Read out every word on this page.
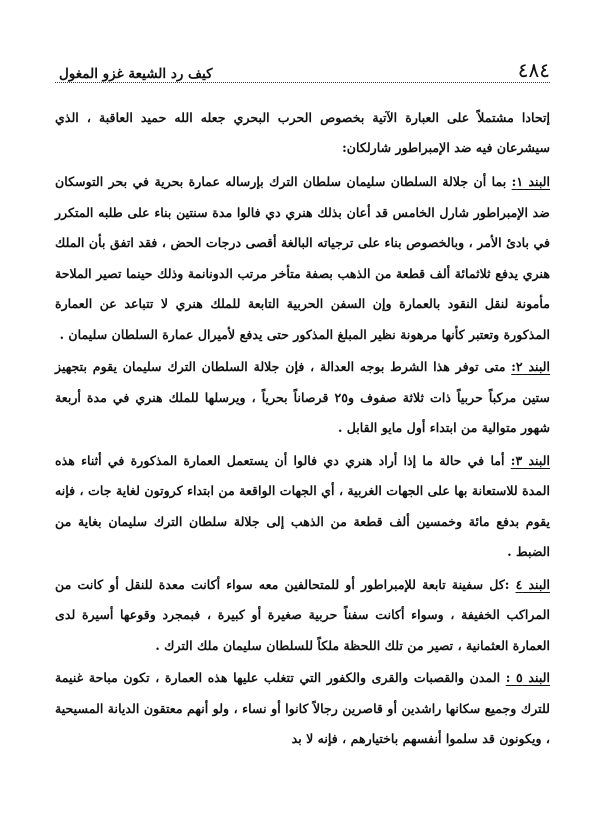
٤٨٤
كيف رد الشيعة غزو المغول

إتحادا مشتملاً على العبارة الآتية بخصوص الحرب البحري جعله الله حميد العاقبة ، الذي سيشرعان فيه ضد الإمبراطور شارلكان:

البند ١: بما أن جلالة السلطان سليمان سلطان الترك بإرساله عمارة بحرية في بحر التوسكان ضد الإمبراطور شارل الخامس قد أعان بذلك هنري دي فالوا مدة سنتين بناء على طلبه المتكرر في بادئ الأمر ، وبالخصوص بناء على ترجياته البالغة أقصى درجات الحض ، فقد اتفق بأن الملك هنري يدفع ثلاثمائة ألف قطعة من الذهب بصفة متأخر مرتب الدونانمة وذلك حينما تصير الملاحة مأمونة لنقل النقود بالعمارة وإن السفن الحربية التابعة للملك هنري لا تتباعد عن العمارة المذكورة وتعتبر كأنها مرهونة نظير المبلغ المذكور حتى يدفع لأميرال عمارة السلطان سليمان .

البند ٢: متى توفر هذا الشرط بوجه العدالة ، فإن جلالة السلطان الترك سليمان يقوم بتجهيز ستين مركباً حربياً ذات ثلاثة صفوف و٢٥ قرصاناً بحرياً ، ويرسلها للملك هنري في مدة أربعة شهور متوالية من ابتداء أول مايو القابل .

البند ٣: أما في حالة ما إذا أراد هنري دي فالوا أن يستعمل العمارة المذكورة في أثناء هذه المدة للاستعانة بها على الجهات الغربية ، أي الجهات الواقعة من ابتداء كروتون لغاية جات ، فإنه يقوم بدفع مائة وخمسين ألف قطعة من الذهب إلى جلالة سلطان الترك سليمان بغاية من الضبط .

البند ٤ :كل سفينة تابعة للإمبراطور أو للمتحالفين معه سواء أكانت معدة للنقل أو كانت من المراكب الخفيفة ، وسواء أكانت سفناً حربية صغيرة أو كبيرة ، فبمجرد وقوعها أسيرة لدى العمارة العثمانية ، تصير من تلك اللحظة ملكاً للسلطان سليمان ملك الترك .

البند ٥ : المدن والقصبات والقرى والكفور التي تتغلب عليها هذه العمارة ، تكون مباحة غنيمة للترك وجميع سكانها راشدين أو قاصرين رجالاً كانوا أو نساء ، ولو أنهم معتقون الديانة المسيحية ، ويكونون قد سلموا أنفسهم باختيارهم ، فإنه لا بد
